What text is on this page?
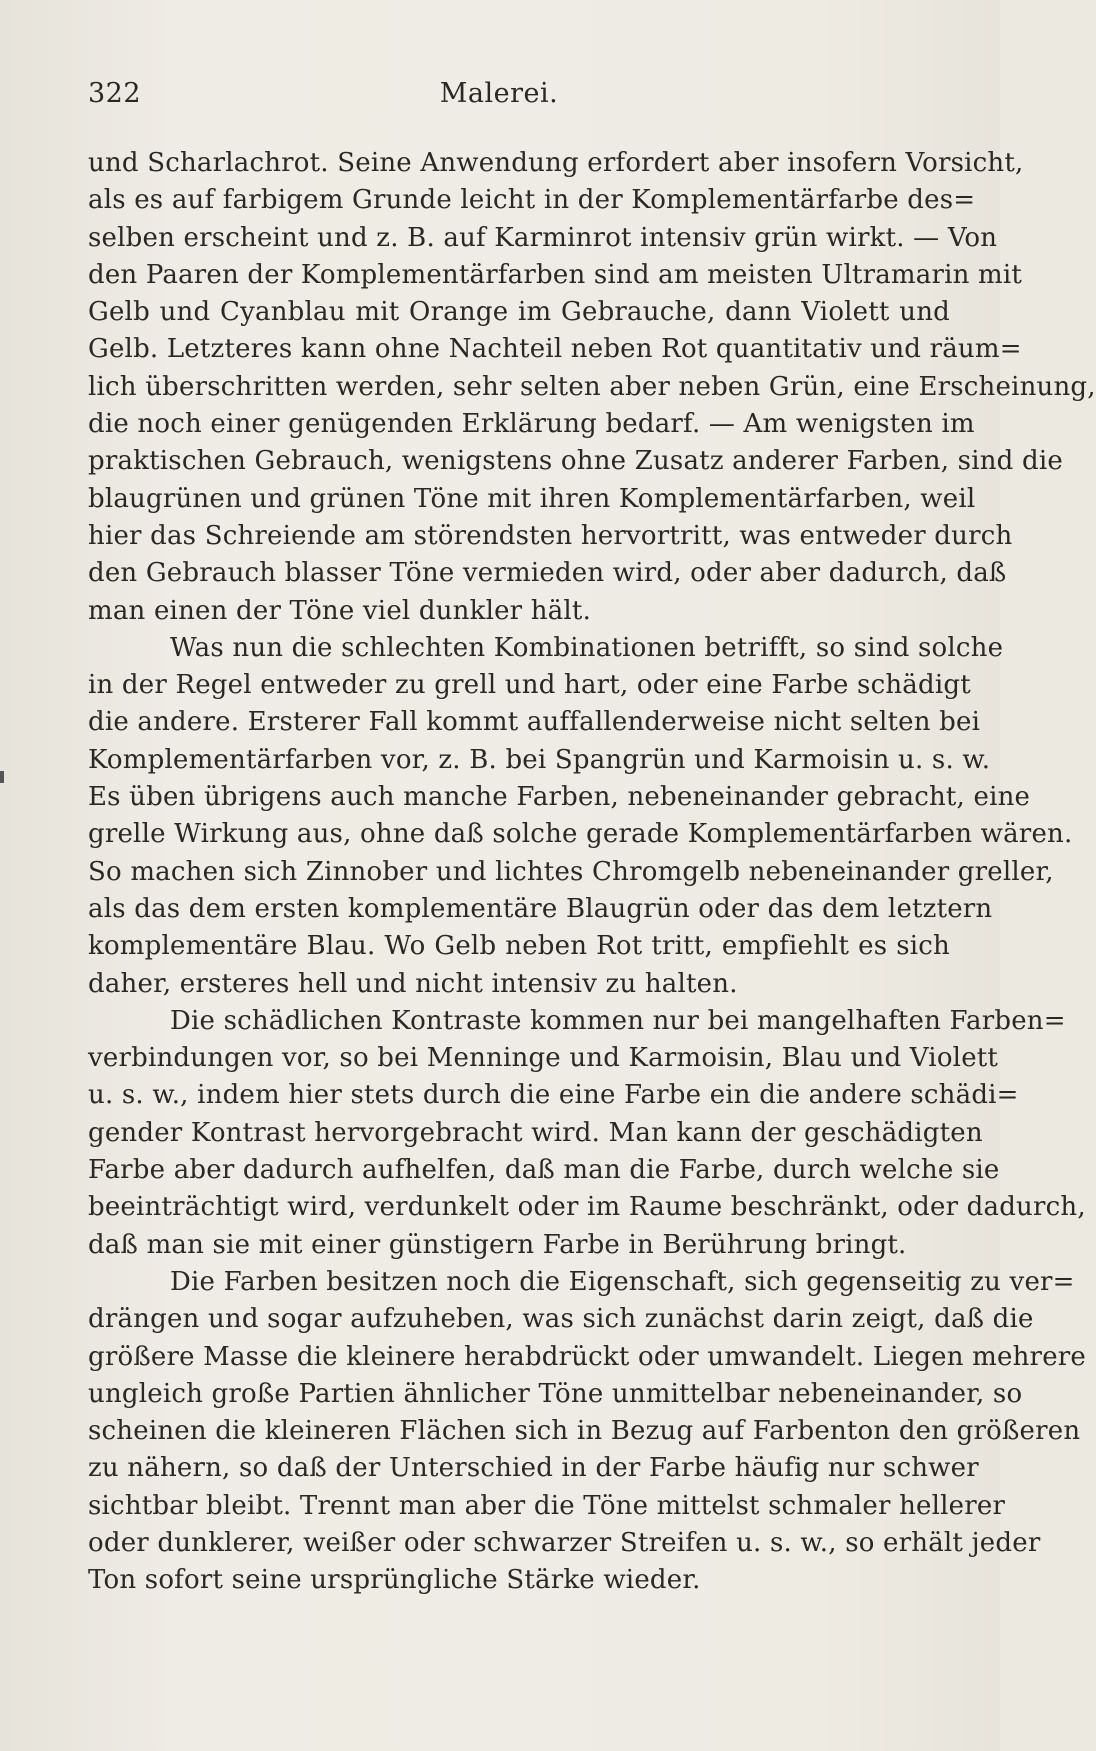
322	Malerei.
und Scharlachrot. Seine Anwendung erfordert aber insofern Vorsicht,
als es auf farbigem Grunde leicht in der Komplementärfarbe des=
selben erscheint und z. B. auf Karminrot intensiv grün wirkt. — Von
den Paaren der Komplementärfarben sind am meisten Ultramarin mit
Gelb und Cyanblau mit Orange im Gebrauche, dann Violett und
Gelb. Letzteres kann ohne Nachteil neben Rot quantitativ und räum=
lich überschritten werden, sehr selten aber neben Grün, eine Erscheinung,
die noch einer genügenden Erklärung bedarf. — Am wenigsten im
praktischen Gebrauch, wenigstens ohne Zusatz anderer Farben, sind die
blaugrünen und grünen Töne mit ihren Komplementärfarben, weil
hier das Schreiende am störendsten hervortritt, was entweder durch
den Gebrauch blasser Töne vermieden wird, oder aber dadurch, daß
man einen der Töne viel dunkler hält.
Was nun die schlechten Kombinationen betrifft, so sind solche
in der Regel entweder zu grell und hart, oder eine Farbe schädigt
die andere. Ersterer Fall kommt auffallenderweise nicht selten bei
Komplementärfarben vor, z. B. bei Spangrün und Karmoisin u. s. w.
Es üben übrigens auch manche Farben, nebeneinander gebracht, eine
grelle Wirkung aus, ohne daß solche gerade Komplementärfarben wären.
So machen sich Zinnober und lichtes Chromgelb nebeneinander greller,
als das dem ersten komplementäre Blaugrün oder das dem letztern
komplementäre Blau. Wo Gelb neben Rot tritt, empfiehlt es sich
daher, ersteres hell und nicht intensiv zu halten.
Die schädlichen Kontraste kommen nur bei mangelhaften Farben=
verbindungen vor, so bei Menninge und Karmoisin, Blau und Violett
u. s. w., indem hier stets durch die eine Farbe ein die andere schädi=
gender Kontrast hervorgebracht wird. Man kann der geschädigten
Farbe aber dadurch aufhelfen, daß man die Farbe, durch welche sie
beeinträchtigt wird, verdunkelt oder im Raume beschränkt, oder dadurch,
daß man sie mit einer günstigern Farbe in Berührung bringt.
Die Farben besitzen noch die Eigenschaft, sich gegenseitig zu ver=
drängen und sogar aufzuheben, was sich zunächst darin zeigt, daß die
größere Masse die kleinere herabdrückt oder umwandelt. Liegen mehrere
ungleich große Partien ähnlicher Töne unmittelbar nebeneinander, so
scheinen die kleineren Flächen sich in Bezug auf Farbenton den größeren
zu nähern, so daß der Unterschied in der Farbe häufig nur schwer
sichtbar bleibt. Trennt man aber die Töne mittelst schmaler hellerer
oder dunklerer, weißer oder schwarzer Streifen u. s. w., so erhält jeder
Ton sofort seine ursprüngliche Stärke wieder.
